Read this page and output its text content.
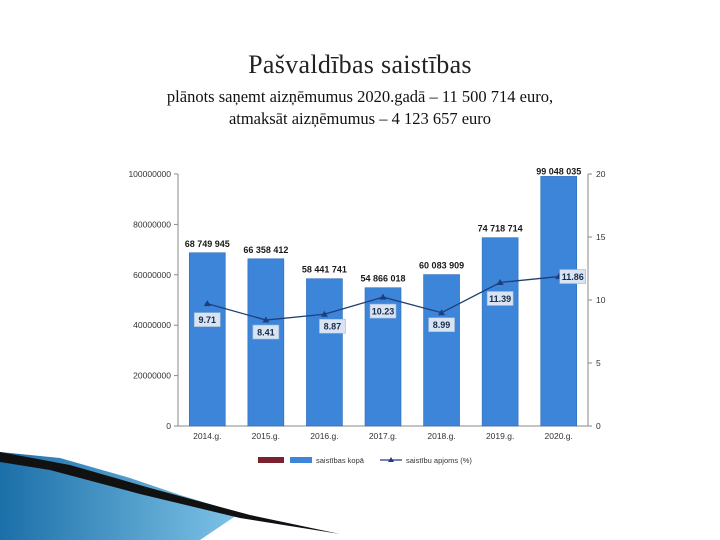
Pašvaldības saistības
plānots saņemt aizņēmumus 2020.gadā – 11 500 714 euro,
atmaksāt aizņēmumus – 4 123 657 euro
0
20000000
40000000
60000000
80000000
100000000
0
5
10
15
20
2014.g.	2015.g.	2016.g.	2017.g.	2018.g.	2019.g.	2020.g.
68 749 945
66 358 412
58 441 741
54 866 018
60 083 909
74 718 714
99 048 035
9.71
8.41
8.87
10.23
8.99
11.39
11.86
saistības kopā	saistību apjoms (%)
